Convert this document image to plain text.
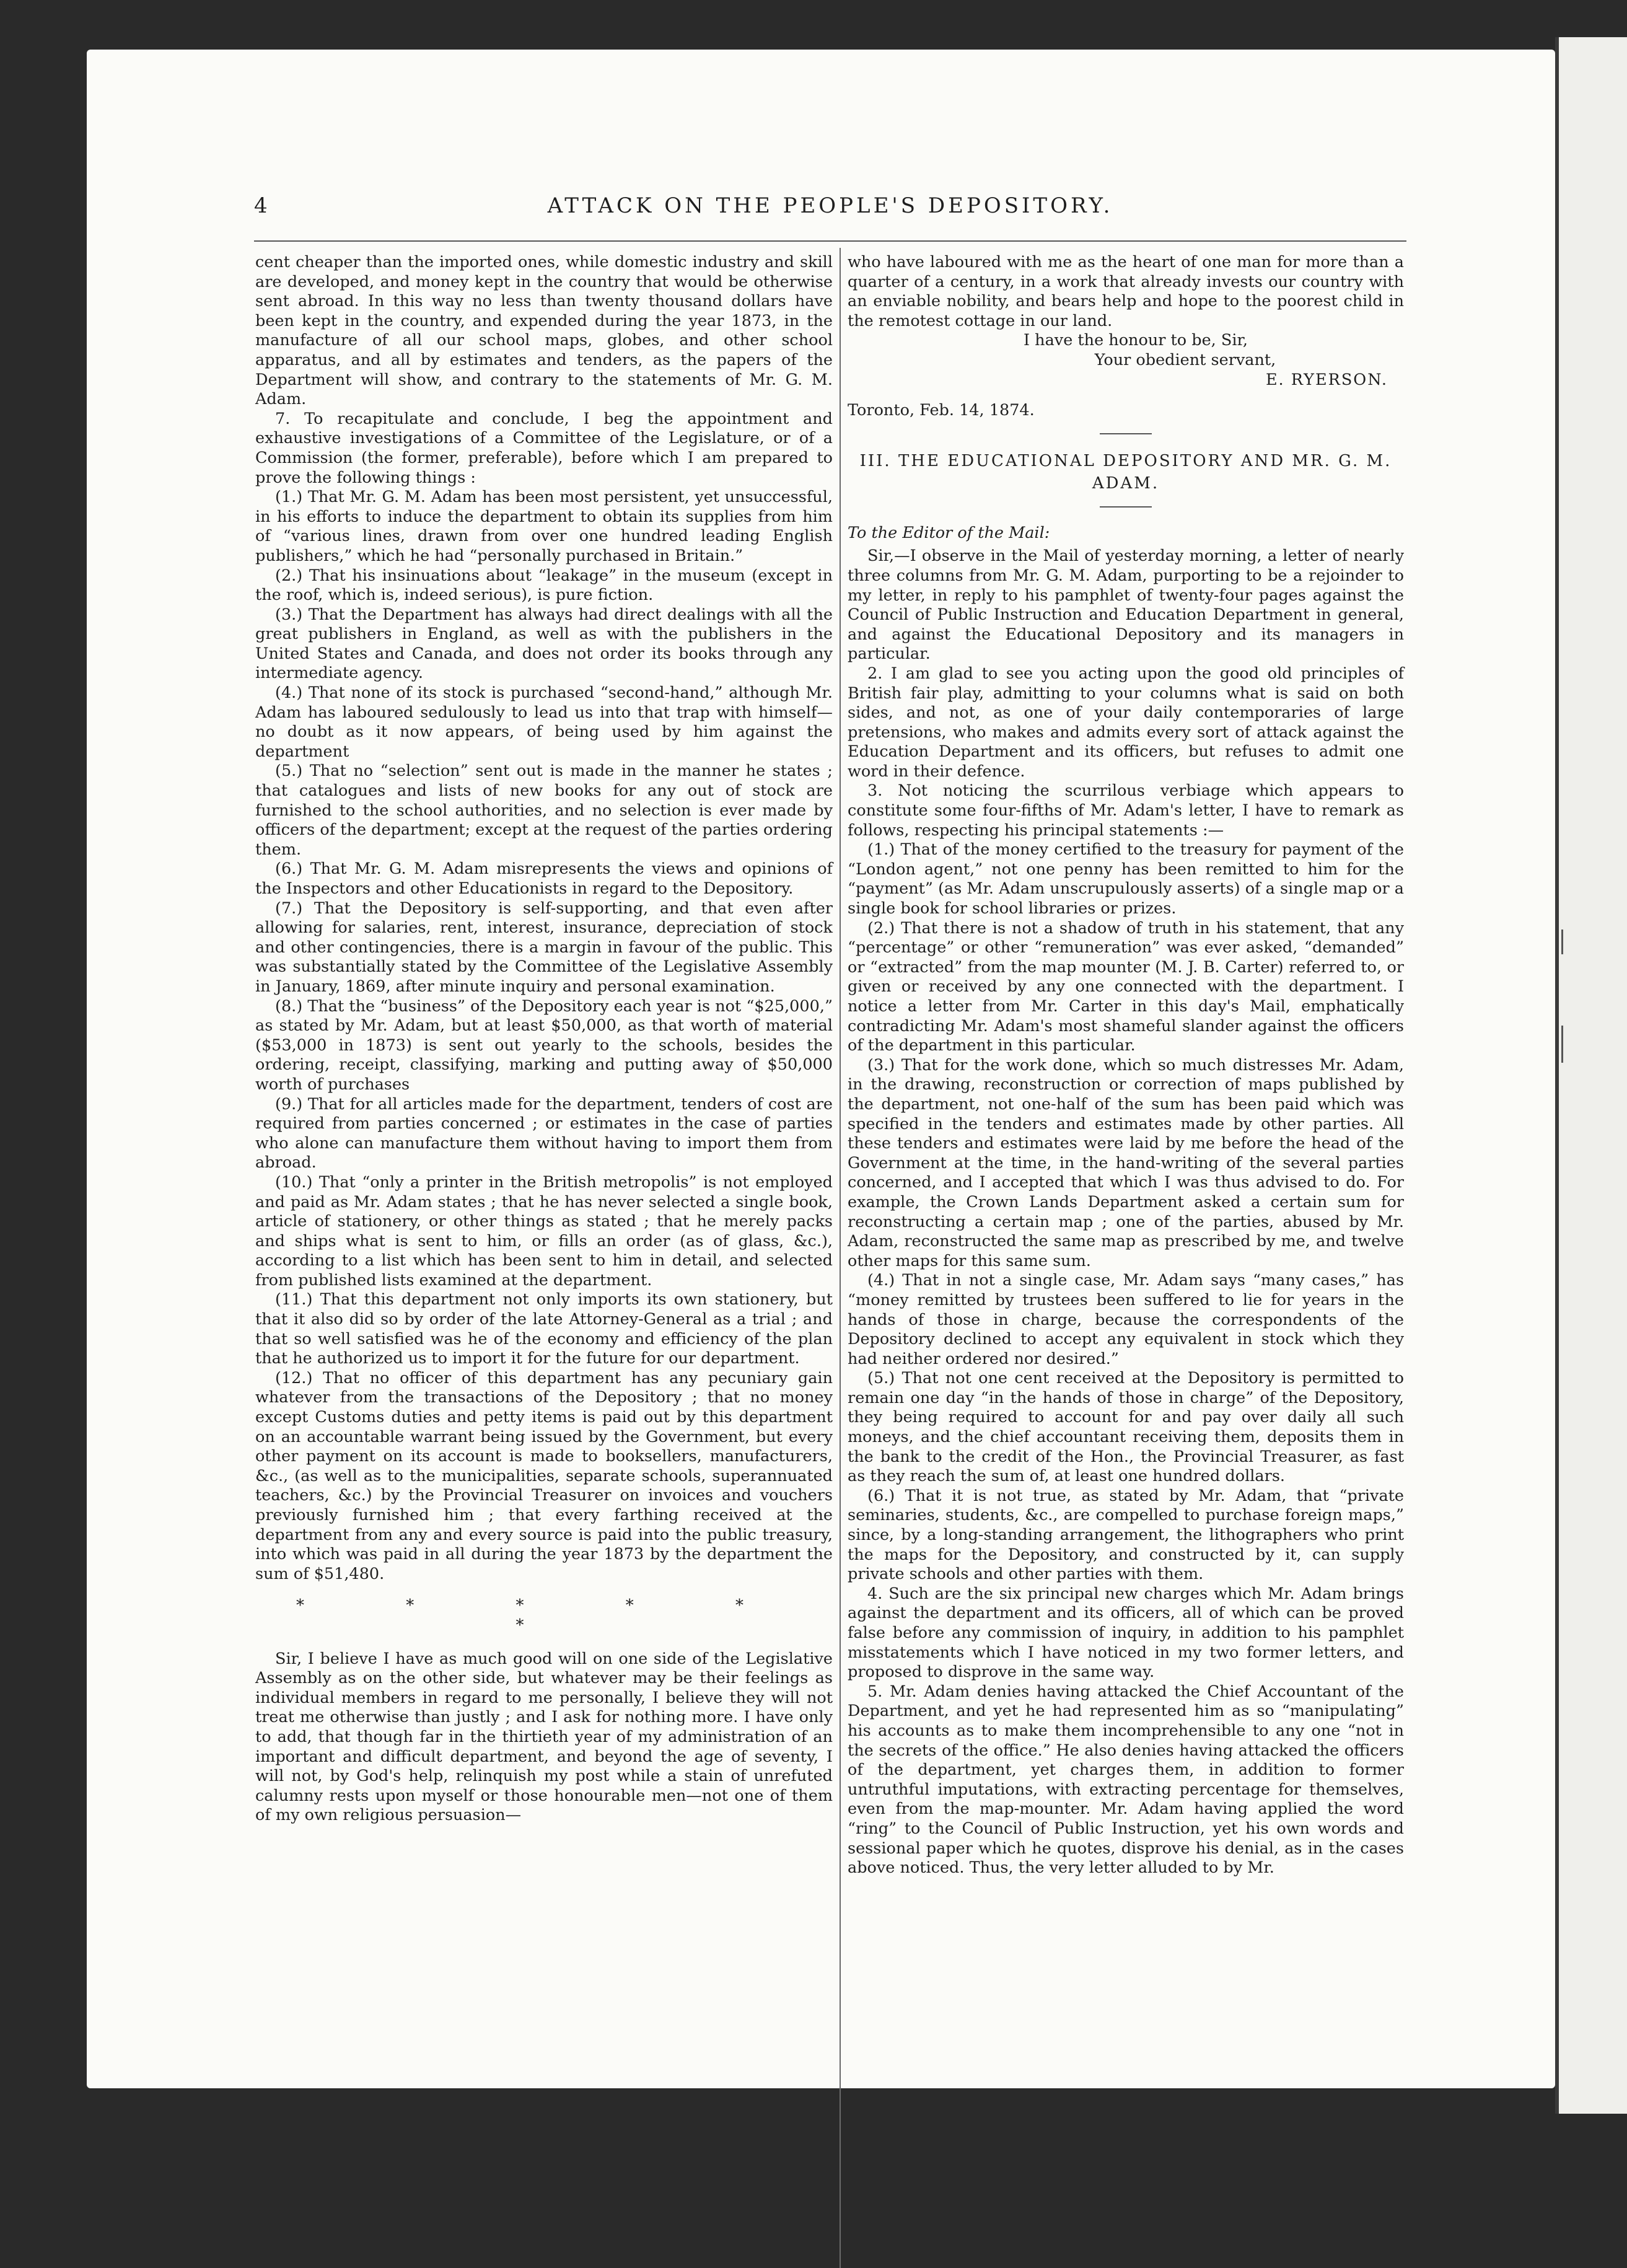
4	ATTACK ON THE PEOPLE'S DEPOSITORY.

cent cheaper than the imported ones, while domestic industry and skill are developed, and money kept in the country that would be otherwise sent abroad. In this way no less than twenty thousand dollars have been kept in the country, and expended during the year 1873, in the manufacture of all our school maps, globes, and other school apparatus, and all by estimates and tenders, as the papers of the Department will show, and contrary to the statements of Mr. G. M. Adam.

7. To recapitulate and conclude, I beg the appointment and exhaustive investigations of a Committee of the Legislature, or of a Commission (the former, preferable), before which I am prepared to prove the following things :

(1.) That Mr. G. M. Adam has been most persistent, yet unsuccessful, in his efforts to induce the department to obtain its supplies from him of “various lines, drawn from over one hundred leading English publishers,” which he had “personally purchased in Britain.”

(2.) That his insinuations about “leakage” in the museum (except in the roof, which is, indeed serious), is pure fiction.

(3.) That the Department has always had direct dealings with all the great publishers in England, as well as with the publishers in the United States and Canada, and does not order its books through any intermediate agency.

(4.) That none of its stock is purchased “second-hand,” although Mr. Adam has laboured sedulously to lead us into that trap with himself—no doubt as it now appears, of being used by him against the department

(5.) That no “selection” sent out is made in the manner he states ; that catalogues and lists of new books for any out of stock are furnished to the school authorities, and no selection is ever made by officers of the department; except at the request of the parties ordering them.

(6.) That Mr. G. M. Adam misrepresents the views and opinions of the Inspectors and other Educationists in regard to the Depository.

(7.) That the Depository is self-supporting, and that even after allowing for salaries, rent, interest, insurance, depreciation of stock and other contingencies, there is a margin in favour of the public. This was substantially stated by the Committee of the Legislative Assembly in January, 1869, after minute inquiry and personal examination.

(8.) That the “business” of the Depository each year is not “$25,000,” as stated by Mr. Adam, but at least $50,000, as that worth of material ($53,000 in 1873) is sent out yearly to the schools, besides the ordering, receipt, classifying, marking and putting away of $50,000 worth of purchases

(9.) That for all articles made for the department, tenders of cost are required from parties concerned ; or estimates in the case of parties who alone can manufacture them without having to import them from abroad.

(10.) That “only a printer in the British metropolis” is not employed and paid as Mr. Adam states ; that he has never selected a single book, article of stationery, or other things as stated ; that he merely packs and ships what is sent to him, or fills an order (as of glass, &c.), according to a list which has been sent to him in detail, and selected from published lists examined at the department.

(11.) That this department not only imports its own stationery, but that it also did so by order of the late Attorney-General as a trial ; and that so well satisfied was he of the economy and efficiency of the plan that he authorized us to import it for the future for our department.

(12.) That no officer of this department has any pecuniary gain whatever from the transactions of the Depository ; that no money except Customs duties and petty items is paid out by this department on an accountable warrant being issued by the Government, but every other payment on its account is made to booksellers, manufacturers, &c., (as well as to the municipalities, separate schools, superannuated teachers, &c.) by the Provincial Treasurer on invoices and vouchers previously furnished him ; that every farthing received at the department from any and every source is paid into the public treasury, into which was paid in all during the year 1873 by the department the sum of $51,480.

* * * * * *

Sir, I believe I have as much good will on one side of the Legislative Assembly as on the other side, but whatever may be their feelings as individual members in regard to me personally, I believe they will not treat me otherwise than justly ; and I ask for nothing more. I have only to add, that though far in the thirtieth year of my administration of an important and difficult department, and beyond the age of seventy, I will not, by God's help, relinquish my post while a stain of unrefuted calumny rests upon myself or those honourable men—not one of them of my own religious persuasion—

who have laboured with me as the heart of one man for more than a quarter of a century, in a work that already invests our country with an enviable nobility, and bears help and hope to the poorest child in the remotest cottage in our land.

I have the honour to be, Sir,

Your obedient servant,

E. RYERSON.

Toronto, Feb. 14, 1874.

III. THE EDUCATIONAL DEPOSITORY AND MR. G. M.
ADAM.

To the Editor of the Mail:

Sir,—I observe in the Mail of yesterday morning, a letter of nearly three columns from Mr. G. M. Adam, purporting to be a rejoinder to my letter, in reply to his pamphlet of twenty-four pages against the Council of Public Instruction and Education Department in general, and against the Educational Depository and its managers in particular.

2. I am glad to see you acting upon the good old principles of British fair play, admitting to your columns what is said on both sides, and not, as one of your daily contemporaries of large pretensions, who makes and admits every sort of attack against the Education Department and its officers, but refuses to admit one word in their defence.

3. Not noticing the scurrilous verbiage which appears to constitute some four-fifths of Mr. Adam's letter, I have to remark as follows, respecting his principal statements :—

(1.) That of the money certified to the treasury for payment of the “London agent,” not one penny has been remitted to him for the “payment” (as Mr. Adam unscrupulously asserts) of a single map or a single book for school libraries or prizes.

(2.) That there is not a shadow of truth in his statement, that any “percentage” or other “remuneration” was ever asked, “demanded” or “extracted” from the map mounter (M. J. B. Carter) referred to, or given or received by any one connected with the department. I notice a letter from Mr. Carter in this day's Mail, emphatically contradicting Mr. Adam's most shameful slander against the officers of the department in this particular.

(3.) That for the work done, which so much distresses Mr. Adam, in the drawing, reconstruction or correction of maps published by the department, not one-half of the sum has been paid which was specified in the tenders and estimates made by other parties. All these tenders and estimates were laid by me before the head of the Government at the time, in the hand-writing of the several parties concerned, and I accepted that which I was thus advised to do. For example, the Crown Lands Department asked a certain sum for reconstructing a certain map ; one of the parties, abused by Mr. Adam, reconstructed the same map as prescribed by me, and twelve other maps for this same sum.

(4.) That in not a single case, Mr. Adam says “many cases,” has “money remitted by trustees been suffered to lie for years in the hands of those in charge, because the correspondents of the Depository declined to accept any equivalent in stock which they had neither ordered nor desired.”

(5.) That not one cent received at the Depository is permitted to remain one day “in the hands of those in charge” of the Depository, they being required to account for and pay over daily all such moneys, and the chief accountant receiving them, deposits them in the bank to the credit of the Hon., the Provincial Treasurer, as fast as they reach the sum of, at least one hundred dollars.

(6.) That it is not true, as stated by Mr. Adam, that “private seminaries, students, &c., are compelled to purchase foreign maps,” since, by a long-standing arrangement, the lithographers who print the maps for the Depository, and constructed by it, can supply private schools and other parties with them.

4. Such are the six principal new charges which Mr. Adam brings against the department and its officers, all of which can be proved false before any commission of inquiry, in addition to his pamphlet misstatements which I have noticed in my two former letters, and proposed to disprove in the same way.

5. Mr. Adam denies having attacked the Chief Accountant of the Department, and yet he had represented him as so “manipulating” his accounts as to make them incomprehensible to any one “not in the secrets of the office.” He also denies having attacked the officers of the department, yet charges them, in addition to former untruthful imputations, with extracting percentage for themselves, even from the map-mounter. Mr. Adam having applied the word “ring” to the Council of Public Instruction, yet his own words and sessional paper which he quotes, disprove his denial, as in the cases above noticed. Thus, the very letter alluded to by Mr.
